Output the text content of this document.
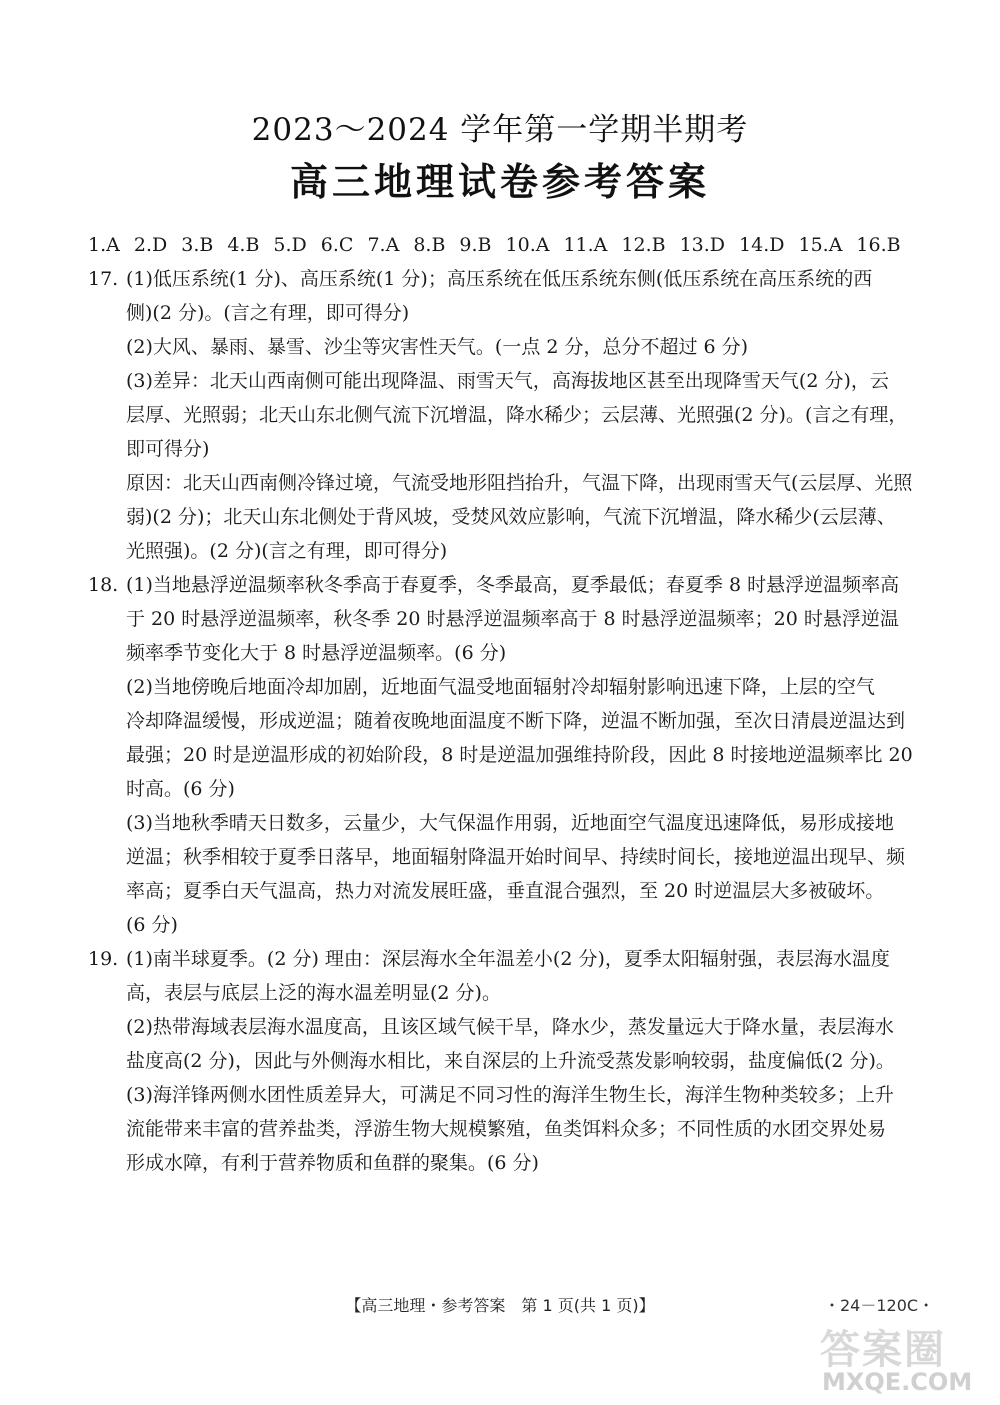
2023～2024 学年第一学期半期考
高三地理试卷参考答案
1.A 2.D 3.B 4.B 5.D 6.C 7.A 8.B 9.B 10.A 11.A 12.B 13.D 14.D 15.A 16.B
17. (1)低压系统(1 分)、高压系统(1 分)；高压系统在低压系统东侧(低压系统在高压系统的西
侧)(2 分)。(言之有理，即可得分)
(2)大风、暴雨、暴雪、沙尘等灾害性天气。(一点 2 分，总分不超过 6 分)
(3)差异：北天山西南侧可能出现降温、雨雪天气，高海拔地区甚至出现降雪天气(2 分)，云
层厚、光照弱；北天山东北侧气流下沉增温，降水稀少；云层薄、光照强(2 分)。(言之有理，
即可得分)
原因：北天山西南侧冷锋过境，气流受地形阻挡抬升，气温下降，出现雨雪天气(云层厚、光照
弱)(2 分)；北天山东北侧处于背风坡，受焚风效应影响，气流下沉增温，降水稀少(云层薄、
光照强)。(2 分)(言之有理，即可得分)
18. (1)当地悬浮逆温频率秋冬季高于春夏季，冬季最高，夏季最低；春夏季 8 时悬浮逆温频率高
于 20 时悬浮逆温频率，秋冬季 20 时悬浮逆温频率高于 8 时悬浮逆温频率；20 时悬浮逆温
频率季节变化大于 8 时悬浮逆温频率。(6 分)
(2)当地傍晚后地面冷却加剧，近地面气温受地面辐射冷却辐射影响迅速下降，上层的空气
冷却降温缓慢，形成逆温；随着夜晚地面温度不断下降，逆温不断加强，至次日清晨逆温达到
最强；20 时是逆温形成的初始阶段，8 时是逆温加强维持阶段，因此 8 时接地逆温频率比 20
时高。(6 分)
(3)当地秋季晴天日数多，云量少，大气保温作用弱，近地面空气温度迅速降低，易形成接地
逆温；秋季相较于夏季日落早，地面辐射降温开始时间早、持续时间长，接地逆温出现早、频
率高；夏季白天气温高，热力对流发展旺盛，垂直混合强烈，至 20 时逆温层大多被破坏。
(6 分)
19. (1)南半球夏季。(2 分) 理由：深层海水全年温差小(2 分)，夏季太阳辐射强，表层海水温度
高，表层与底层上泛的海水温差明显(2 分)。
(2)热带海域表层海水温度高，且该区域气候干旱，降水少，蒸发量远大于降水量，表层海水
盐度高(2 分)，因此与外侧海水相比，来自深层的上升流受蒸发影响较弱，盐度偏低(2 分)。
(3)海洋锋两侧水团性质差异大，可满足不同习性的海洋生物生长，海洋生物种类较多；上升
流能带来丰富的营养盐类，浮游生物大规模繁殖，鱼类饵料众多；不同性质的水团交界处易
形成水障，有利于营养物质和鱼群的聚集。(6 分)
【高三地理・参考答案　第 1 页(共 1 页)】	・24－120C・
答案圈
MXQE.COM
